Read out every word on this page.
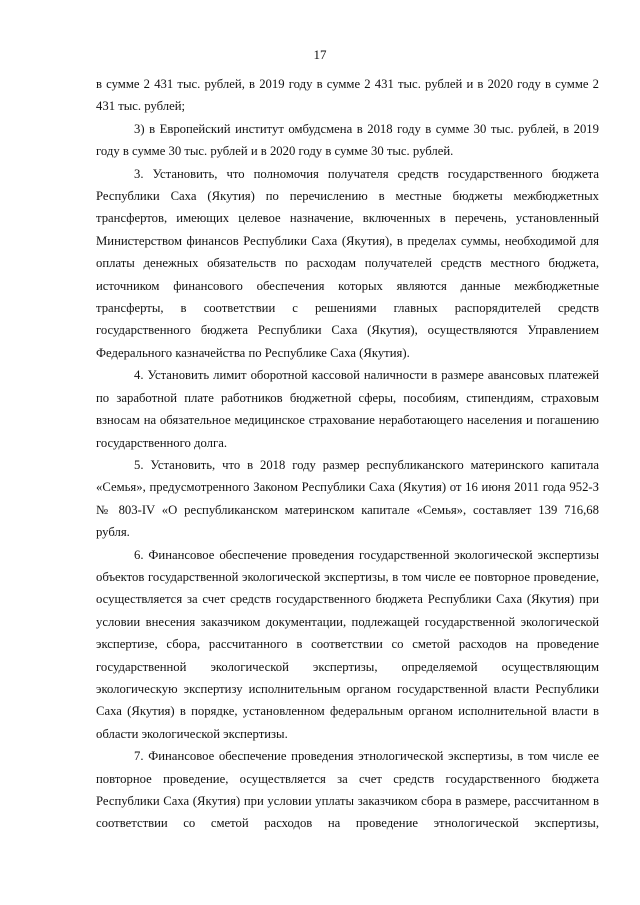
17

в сумме 2 431 тыс. рублей, в 2019 году в сумме 2 431 тыс. рублей и в 2020 году в сумме 2 431 тыс. рублей;

3) в Европейский институт омбудсмена в 2018 году в сумме 30 тыс. рублей, в 2019 году в сумме 30 тыс. рублей и в 2020 году в сумме 30 тыс. рублей.

3. Установить, что полномочия получателя средств государственного бюджета Республики Саха (Якутия) по перечислению в местные бюджеты межбюджетных трансфертов, имеющих целевое назначение, включенных в перечень, установленный Министерством финансов Республики Саха (Якутия), в пределах суммы, необходимой для оплаты денежных обязательств по расходам получателей средств местного бюджета, источником финансового обеспечения которых являются данные межбюджетные трансферты, в соответствии с решениями главных распорядителей средств государственного бюджета Республики Саха (Якутия), осуществляются Управлением Федерального казначейства по Республике Саха (Якутия).

4. Установить лимит оборотной кассовой наличности в размере авансовых платежей по заработной плате работников бюджетной сферы, пособиям, стипендиям, страховым взносам на обязательное медицинское страхование неработающего населения и погашению государственного долга.

5. Установить, что в 2018 году размер республиканского материнского капитала «Семья», предусмотренного Законом Республики Саха (Якутия) от 16 июня 2011 года 952-З № 803-IV «О республиканском материнском капитале «Семья», составляет 139 716,68 рубля.

6. Финансовое обеспечение проведения государственной экологической экспертизы объектов государственной экологической экспертизы, в том числе ее повторное проведение, осуществляется за счет средств государственного бюджета Республики Саха (Якутия) при условии внесения заказчиком документации, подлежащей государственной экологической экспертизе, сбора, рассчитанного в соответствии со сметой расходов на проведение государственной экологической экспертизы, определяемой осуществляющим экологическую экспертизу исполнительным органом государственной власти Республики Саха (Якутия) в порядке, установленном федеральным органом исполнительной власти в области экологической экспертизы.

7. Финансовое обеспечение проведения этнологической экспертизы, в том числе ее повторное проведение, осуществляется за счет средств государственного бюджета Республики Саха (Якутия) при условии уплаты заказчиком сбора в размере, рассчитанном в соответствии со сметой расходов на проведение этнологической экспертизы,
